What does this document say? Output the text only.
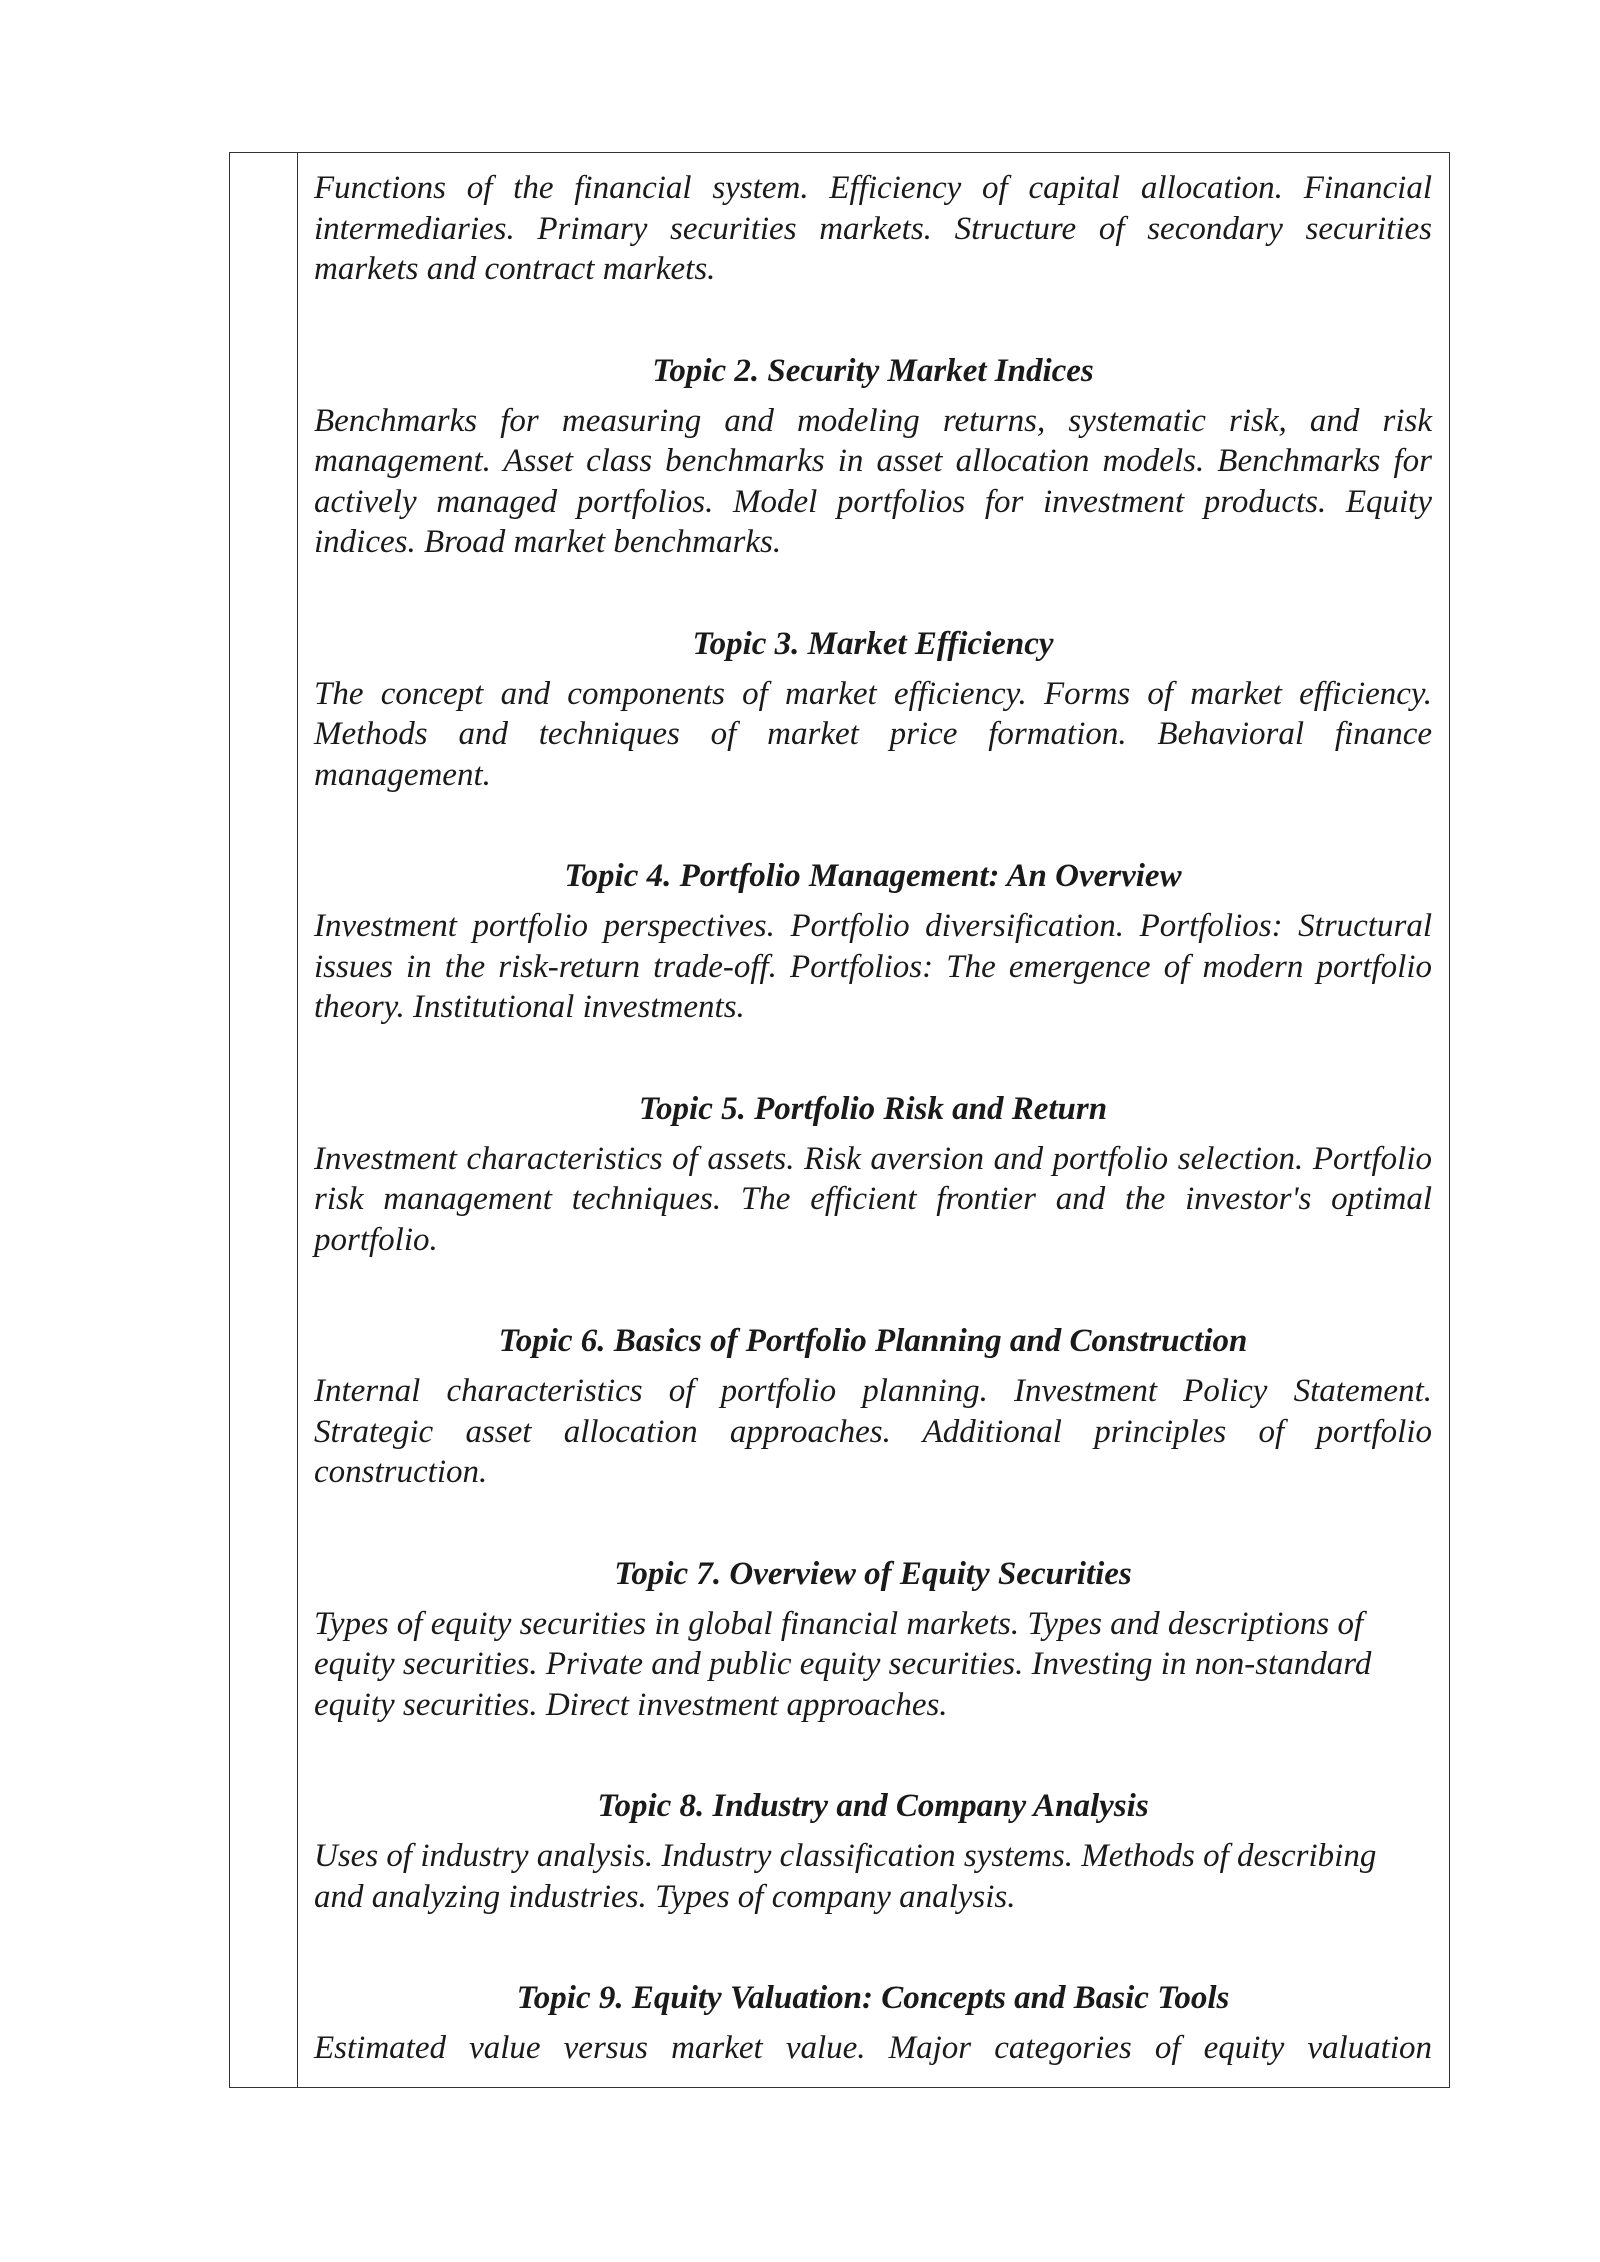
Functions of the financial system. Efficiency of capital allocation. Financial intermediaries. Primary securities markets. Structure of secondary securities markets and contract markets.

Topic 2. Security Market Indices

Benchmarks for measuring and modeling returns, systematic risk, and risk management. Asset class benchmarks in asset allocation models. Benchmarks for actively managed portfolios. Model portfolios for investment products. Equity indices. Broad market benchmarks.

Topic 3. Market Efficiency

The concept and components of market efficiency. Forms of market efficiency. Methods and techniques of market price formation. Behavioral finance management.

Topic 4. Portfolio Management: An Overview

Investment portfolio perspectives. Portfolio diversification. Portfolios: Structural issues in the risk-return trade-off. Portfolios: The emergence of modern portfolio theory. Institutional investments.

Topic 5. Portfolio Risk and Return

Investment characteristics of assets. Risk aversion and portfolio selection. Portfolio risk management techniques. The efficient frontier and the investor's optimal portfolio.

Topic 6. Basics of Portfolio Planning and Construction

Internal characteristics of portfolio planning. Investment Policy Statement. Strategic asset allocation approaches. Additional principles of portfolio construction.

Topic 7. Overview of Equity Securities

Types of equity securities in global financial markets. Types and descriptions of equity securities. Private and public equity securities. Investing in non-standard equity securities. Direct investment approaches.

Topic 8. Industry and Company Analysis

Uses of industry analysis. Industry classification systems. Methods of describing and analyzing industries. Types of company analysis.

Topic 9. Equity Valuation: Concepts and Basic Tools

Estimated value versus market value. Major categories of equity valuation
